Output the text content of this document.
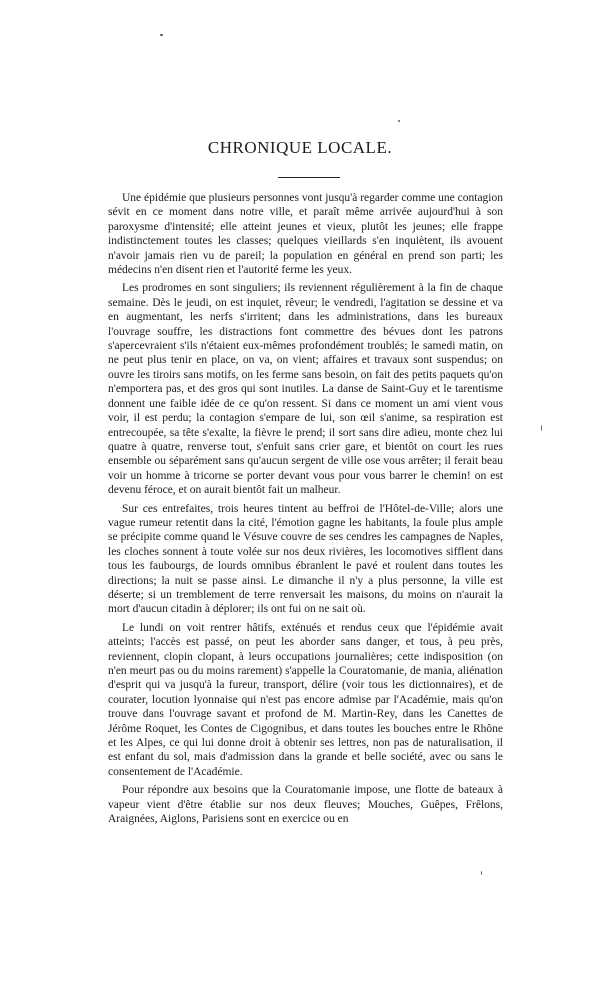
CHRONIQUE LOCALE.

Une épidémie que plusieurs personnes vont jusqu'à regarder comme une contagion sévit en ce moment dans notre ville, et paraît même arrivée aujourd'hui à son paroxysme d'intensité; elle atteint jeunes et vieux, plutôt les jeunes; elle frappe indistinctement toutes les classes; quelques vieillards s'en inquiètent, ils avouent n'avoir jamais rien vu de pareil; la population en général en prend son parti; les médecins n'en disent rien et l'autorité ferme les yeux.

Les prodromes en sont singuliers; ils reviennent régulièrement à la fin de chaque semaine. Dès le jeudi, on est inquiet, rêveur; le vendredi, l'agitation se dessine et va en augmentant, les nerfs s'irritent; dans les administrations, dans les bureaux l'ouvrage souffre, les distractions font commettre des bévues dont les patrons s'apercevraient s'ils n'étaient eux-mêmes profondément troublés; le samedi matin, on ne peut plus tenir en place, on va, on vient; affaires et travaux sont suspendus; on ouvre les tiroirs sans motifs, on les ferme sans besoin, on fait des petits paquets qu'on n'emportera pas, et des gros qui sont inutiles. La danse de Saint-Guy et le tarentisme donnent une faible idée de ce qu'on ressent. Si dans ce moment un ami vient vous voir, il est perdu; la contagion s'empare de lui, son œil s'anime, sa respiration est entrecoupée, sa tête s'exalte, la fièvre le prend; il sort sans dire adieu, monte chez lui quatre à quatre, renverse tout, s'enfuit sans crier gare, et bientôt on court les rues ensemble ou séparément sans qu'aucun sergent de ville ose vous arrêter; il ferait beau voir un homme à tricorne se porter devant vous pour vous barrer le chemin! on est devenu féroce, et on aurait bientôt fait un malheur.

Sur ces entrefaites, trois heures tintent au beffroi de l'Hôtel-de-Ville; alors une vague rumeur retentit dans la cité, l'émotion gagne les habitants, la foule plus ample se précipite comme quand le Vésuve couvre de ses cendres les campagnes de Naples, les cloches sonnent à toute volée sur nos deux rivières, les locomotives sifflent dans tous les faubourgs, de lourds omnibus ébranlent le pavé et roulent dans toutes les directions; la nuit se passe ainsi. Le dimanche il n'y a plus personne, la ville est déserte; si un tremblement de terre renversait les maisons, du moins on n'aurait la mort d'aucun citadin à déplorer; ils ont fui on ne sait où.

Le lundi on voit rentrer hâtifs, exténués et rendus ceux que l'épidémie avait atteints; l'accès est passé, on peut les aborder sans danger, et tous, à peu près, reviennent, clopin clopant, à leurs occupations journalières; cette indisposition (on n'en meurt pas ou du moins rarement) s'appelle la Couratomanie, de mania, aliénation d'esprit qui va jusqu'à la fureur, transport, délire (voir tous les dictionnaires), et de courater, locution lyonnaise qui n'est pas encore admise par l'Académie, mais qu'on trouve dans l'ouvrage savant et profond de M. Martin-Rey, dans les Canettes de Jérôme Roquet, les Contes de Cigognibus, et dans toutes les bouches entre le Rhône et les Alpes, ce qui lui donne droit à obtenir ses lettres, non pas de naturalisation, il est enfant du sol, mais d'admission dans la grande et belle société, avec ou sans le consentement de l'Académie.

Pour répondre aux besoins que la Couratomanie impose, une flotte de bateaux à vapeur vient d'être établie sur nos deux fleuves; Mouches, Guêpes, Frêlons, Araignées, Aiglons, Parisiens sont en exercice ou en
